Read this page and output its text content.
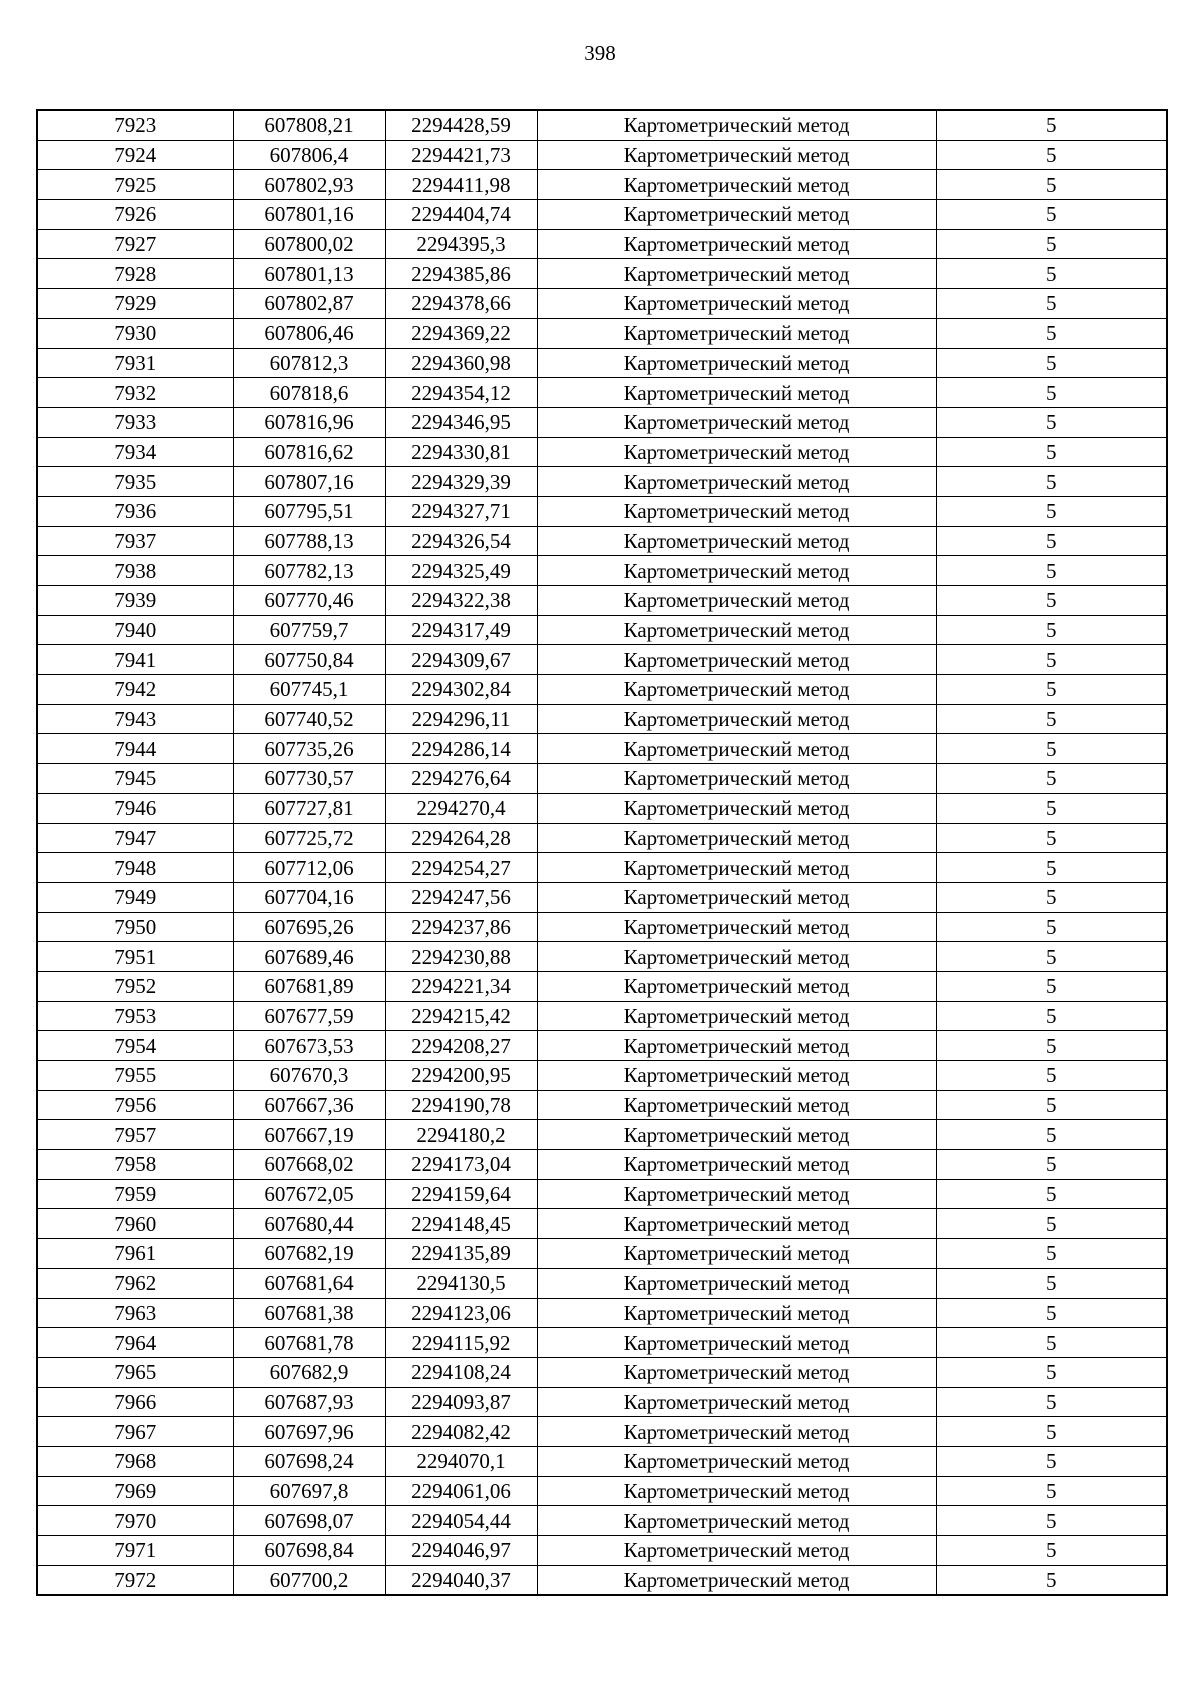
398
7923	607808,21	2294428,59	Картометрический метод	5
7924	607806,4	2294421,73	Картометрический метод	5
7925	607802,93	2294411,98	Картометрический метод	5
7926	607801,16	2294404,74	Картометрический метод	5
7927	607800,02	2294395,3	Картометрический метод	5
7928	607801,13	2294385,86	Картометрический метод	5
7929	607802,87	2294378,66	Картометрический метод	5
7930	607806,46	2294369,22	Картометрический метод	5
7931	607812,3	2294360,98	Картометрический метод	5
7932	607818,6	2294354,12	Картометрический метод	5
7933	607816,96	2294346,95	Картометрический метод	5
7934	607816,62	2294330,81	Картометрический метод	5
7935	607807,16	2294329,39	Картометрический метод	5
7936	607795,51	2294327,71	Картометрический метод	5
7937	607788,13	2294326,54	Картометрический метод	5
7938	607782,13	2294325,49	Картометрический метод	5
7939	607770,46	2294322,38	Картометрический метод	5
7940	607759,7	2294317,49	Картометрический метод	5
7941	607750,84	2294309,67	Картометрический метод	5
7942	607745,1	2294302,84	Картометрический метод	5
7943	607740,52	2294296,11	Картометрический метод	5
7944	607735,26	2294286,14	Картометрический метод	5
7945	607730,57	2294276,64	Картометрический метод	5
7946	607727,81	2294270,4	Картометрический метод	5
7947	607725,72	2294264,28	Картометрический метод	5
7948	607712,06	2294254,27	Картометрический метод	5
7949	607704,16	2294247,56	Картометрический метод	5
7950	607695,26	2294237,86	Картометрический метод	5
7951	607689,46	2294230,88	Картометрический метод	5
7952	607681,89	2294221,34	Картометрический метод	5
7953	607677,59	2294215,42	Картометрический метод	5
7954	607673,53	2294208,27	Картометрический метод	5
7955	607670,3	2294200,95	Картометрический метод	5
7956	607667,36	2294190,78	Картометрический метод	5
7957	607667,19	2294180,2	Картометрический метод	5
7958	607668,02	2294173,04	Картометрический метод	5
7959	607672,05	2294159,64	Картометрический метод	5
7960	607680,44	2294148,45	Картометрический метод	5
7961	607682,19	2294135,89	Картометрический метод	5
7962	607681,64	2294130,5	Картометрический метод	5
7963	607681,38	2294123,06	Картометрический метод	5
7964	607681,78	2294115,92	Картометрический метод	5
7965	607682,9	2294108,24	Картометрический метод	5
7966	607687,93	2294093,87	Картометрический метод	5
7967	607697,96	2294082,42	Картометрический метод	5
7968	607698,24	2294070,1	Картометрический метод	5
7969	607697,8	2294061,06	Картометрический метод	5
7970	607698,07	2294054,44	Картометрический метод	5
7971	607698,84	2294046,97	Картометрический метод	5
7972	607700,2	2294040,37	Картометрический метод	5
